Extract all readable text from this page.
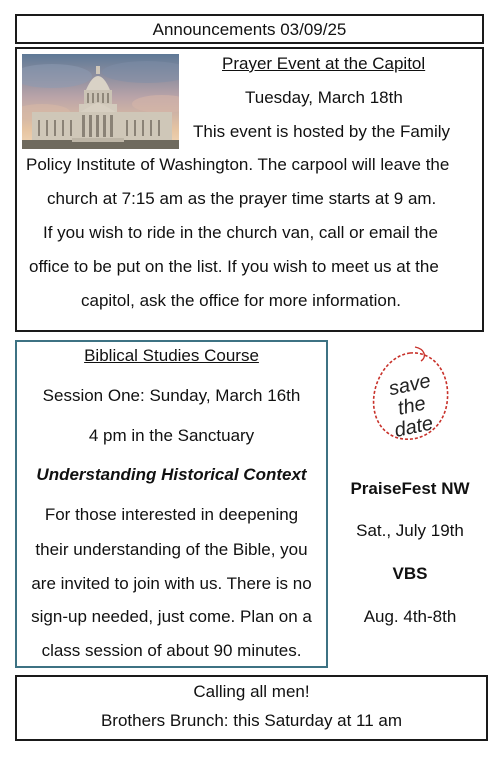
Announcements 03/09/25
Prayer Event at the Capitol
Tuesday, March 18th
This event is hosted by the Family
Policy Institute of Washington. The carpool will leave the
church at 7:15 am as the prayer time starts at 9 am.
If you wish to ride in the church van, call or email the
office to be put on the list. If you wish to meet us at the
capitol, ask the office for more information.
Biblical Studies Course
Session One: Sunday, March 16th
4 pm in the Sanctuary
Understanding Historical Context
For those interested in deepening
their understanding of the Bible, you
are invited to join with us. There is no
sign-up needed, just come. Plan on a
class session of about 90 minutes.
save
the
date
PraiseFest NW
Sat., July 19th
VBS
Aug. 4th-8th
Calling all men!
Brothers Brunch: this Saturday at 11 am
